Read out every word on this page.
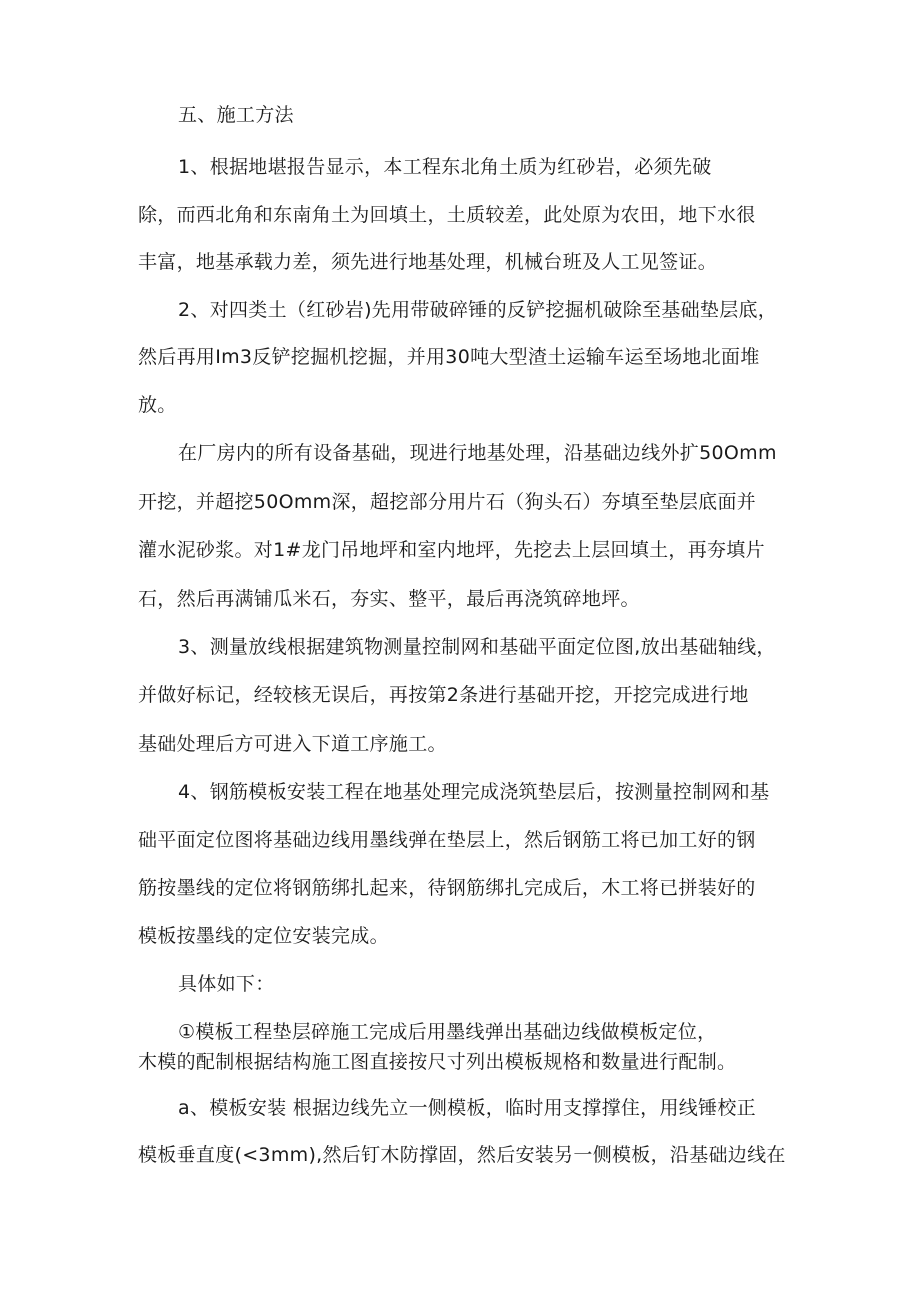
五、施工方法
1、根据地堪报告显示，本工程东北角土质为红砂岩，必须先破
除，而西北角和东南角土为回填土，土质较差，此处原为农田，地下水很
丰富，地基承载力差，须先进行地基处理，机械台班及人工见签证。
2、对四类土（红砂岩)先用带破碎锤的反铲挖掘机破除至基础垫层底，
然后再用Im3反铲挖掘机挖掘，并用30吨大型渣土运输车运至场地北面堆
放。
在厂房内的所有设备基础，现进行地基处理，沿基础边线外扩50Omm
开挖，并超挖50Omm深，超挖部分用片石（狗头石）夯填至垫层底面并
灌水泥砂浆。对1#龙门吊地坪和室内地坪，先挖去上层回填土，再夯填片
石，然后再满铺瓜米石，夯实、整平，最后再浇筑碎地坪。
3、测量放线根据建筑物测量控制网和基础平面定位图,放出基础轴线，
并做好标记，经较核无误后，再按第2条进行基础开挖，开挖完成进行地
基础处理后方可进入下道工序施工。
4、钢筋模板安装工程在地基处理完成浇筑垫层后，按测量控制网和基
础平面定位图将基础边线用墨线弹在垫层上，然后钢筋工将已加工好的钢
筋按墨线的定位将钢筋绑扎起来，待钢筋绑扎完成后，木工将已拼装好的
模板按墨线的定位安装完成。
具体如下：
①模板工程垫层碎施工完成后用墨线弹出基础边线做模板定位，
木模的配制根据结构施工图直接按尺寸列出模板规格和数量进行配制。
a、模板安装 根据边线先立一侧模板，临时用支撑撑住，用线锤校正
模板垂直度(<3mm),然后钉木防撑固，然后安装另一侧模板，沿基础边线在
